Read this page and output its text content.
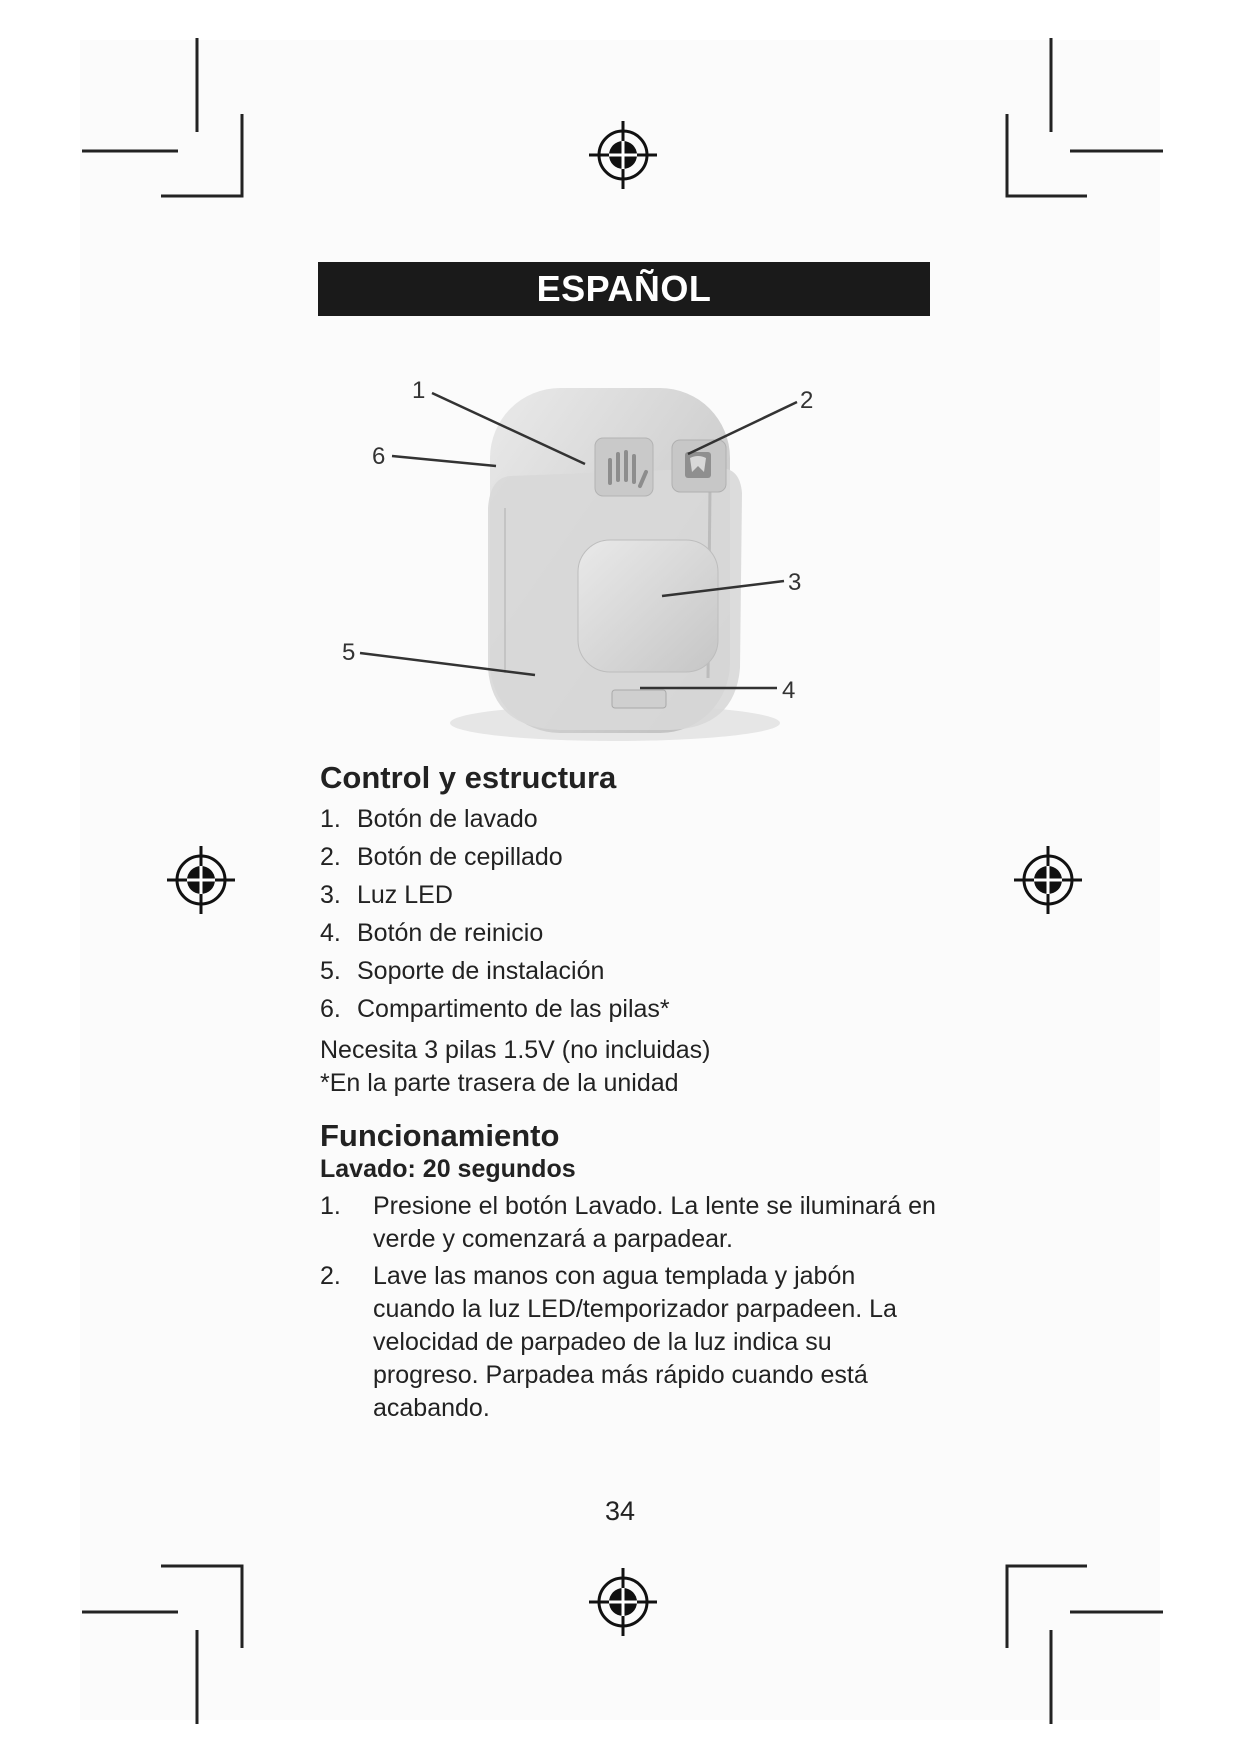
ESPAÑOL
1	2
3
4
5
6
Control y estructura
1. Botón de lavado
2. Botón de cepillado
3. Luz LED
4. Botón de reinicio
5. Soporte de instalación
6. Compartimento de las pilas*
Necesita 3 pilas 1.5V (no incluidas)
*En la parte trasera de la unidad
Funcionamiento

Lavado: 20 segundos

1. Presione el botón Lavado. La lente se iluminará en verde y comenzará a parpadear.
2. Lave las manos con agua templada y jabón cuando la luz LED/temporizador parpadeen. La velocidad de parpadeo de la luz indica su progreso. Parpadea más rápido cuando está acabando.
34
